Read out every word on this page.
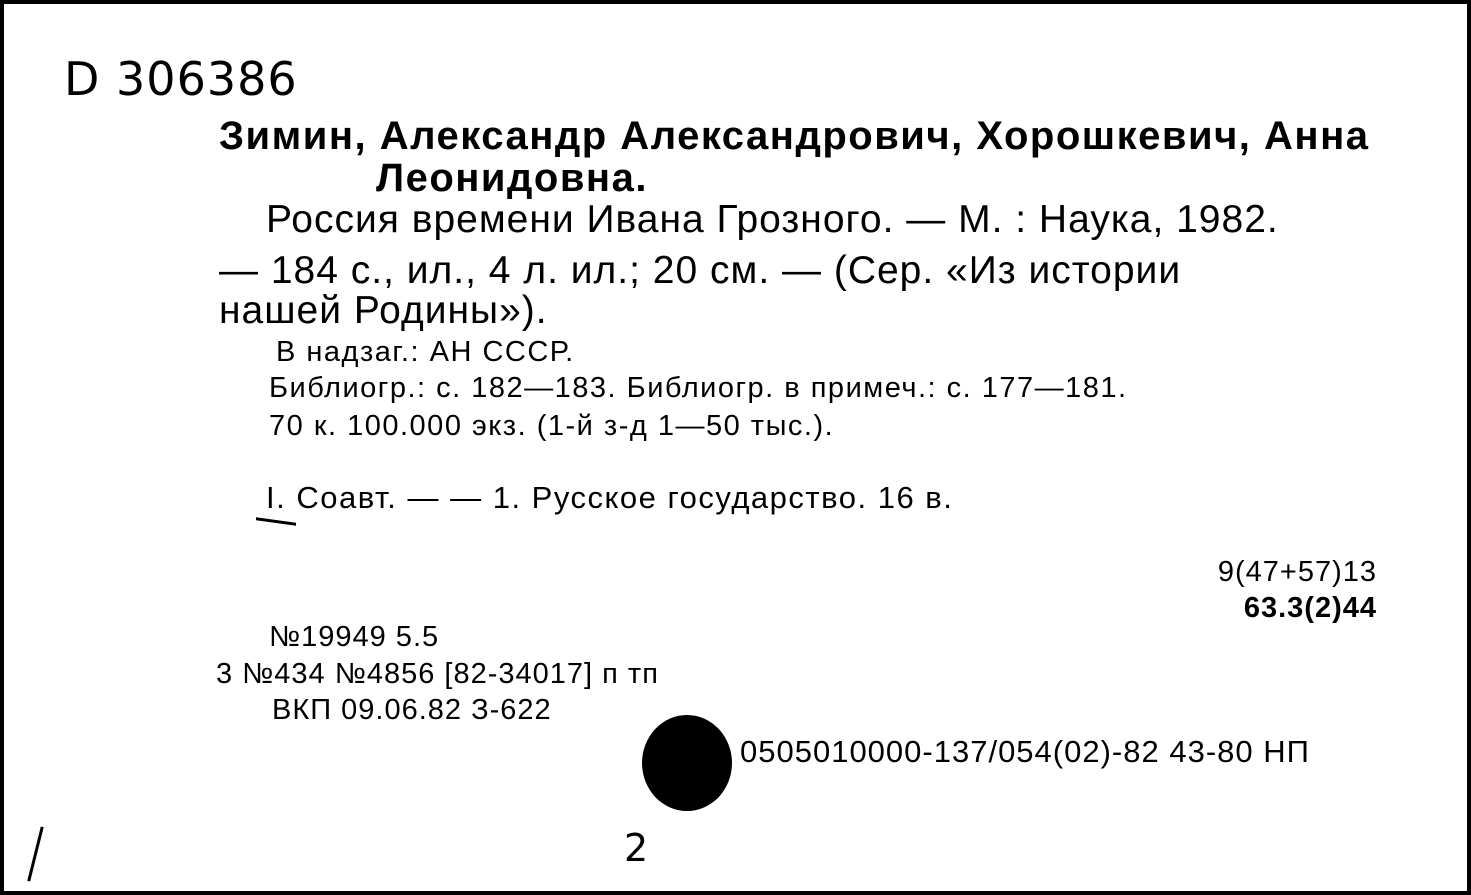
D 306386
Зимин, Александр Александрович, Хорошкевич, Анна
Леонидовна.
Россия времени Ивана Грозного. — М. : Наука, 1982.
— 184 с., ил., 4 л. ил.; 20 см. — (Сер. «Из истории
нашей Родины»).
В надзаг.: АН СССР.
Библиогр.: с. 182—183. Библиогр. в примеч.: с. 177—181.
70 к. 100.000 экз. (1-й з-д 1—50 тыс.).
I. Соавт. — — 1. Русское государство. 16 в.
9(47+57)13
63.3(2)44
№19949 5.5
3 №434 №4856 [82-34017] п тп
ВКП 09.06.82 З-622
0505010000-137/054(02)-82 43-80 НП
2
